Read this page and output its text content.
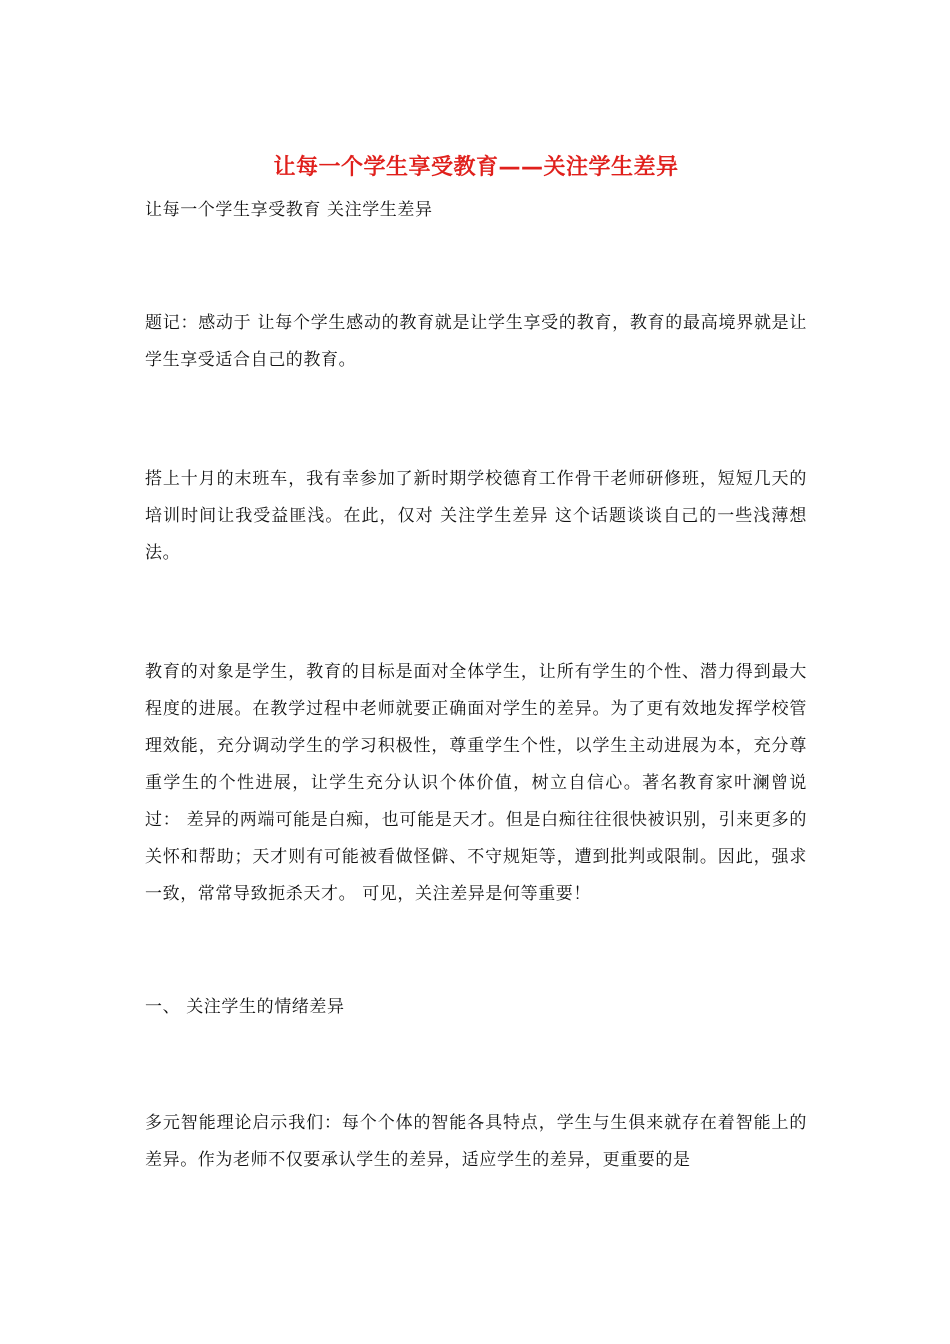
让每一个学生享受教育——关注学生差异
让每一个学生享受教育 关注学生差异

题记：感动于 让每个学生感动的教育就是让学生享受的教育，教育的最高境界就是让学生享受适合自己的教育。

搭上十月的末班车，我有幸参加了新时期学校德育工作骨干老师研修班，短短几天的培训时间让我受益匪浅。在此，仅对 关注学生差异 这个话题谈谈自己的一些浅薄想法。

教育的对象是学生，教育的目标是面对全体学生，让所有学生的个性、潜力得到最大程度的进展。在教学过程中老师就要正确面对学生的差异。为了更有效地发挥学校管理效能，充分调动学生的学习积极性，尊重学生个性，以学生主动进展为本，充分尊重学生的个性进展，让学生充分认识个体价值，树立自信心。著名教育家叶澜曾说过： 差异的两端可能是白痴，也可能是天才。但是白痴往往很快被识别，引来更多的关怀和帮助；天才则有可能被看做怪僻、不守规矩等，遭到批判或限制。因此，强求一致，常常导致扼杀天才。 可见，关注差异是何等重要！

一、 关注学生的情绪差异

多元智能理论启示我们：每个个体的智能各具特点，学生与生俱来就存在着智能上的差异。作为老师不仅要承认学生的差异，适应学生的差异，更重要的是
